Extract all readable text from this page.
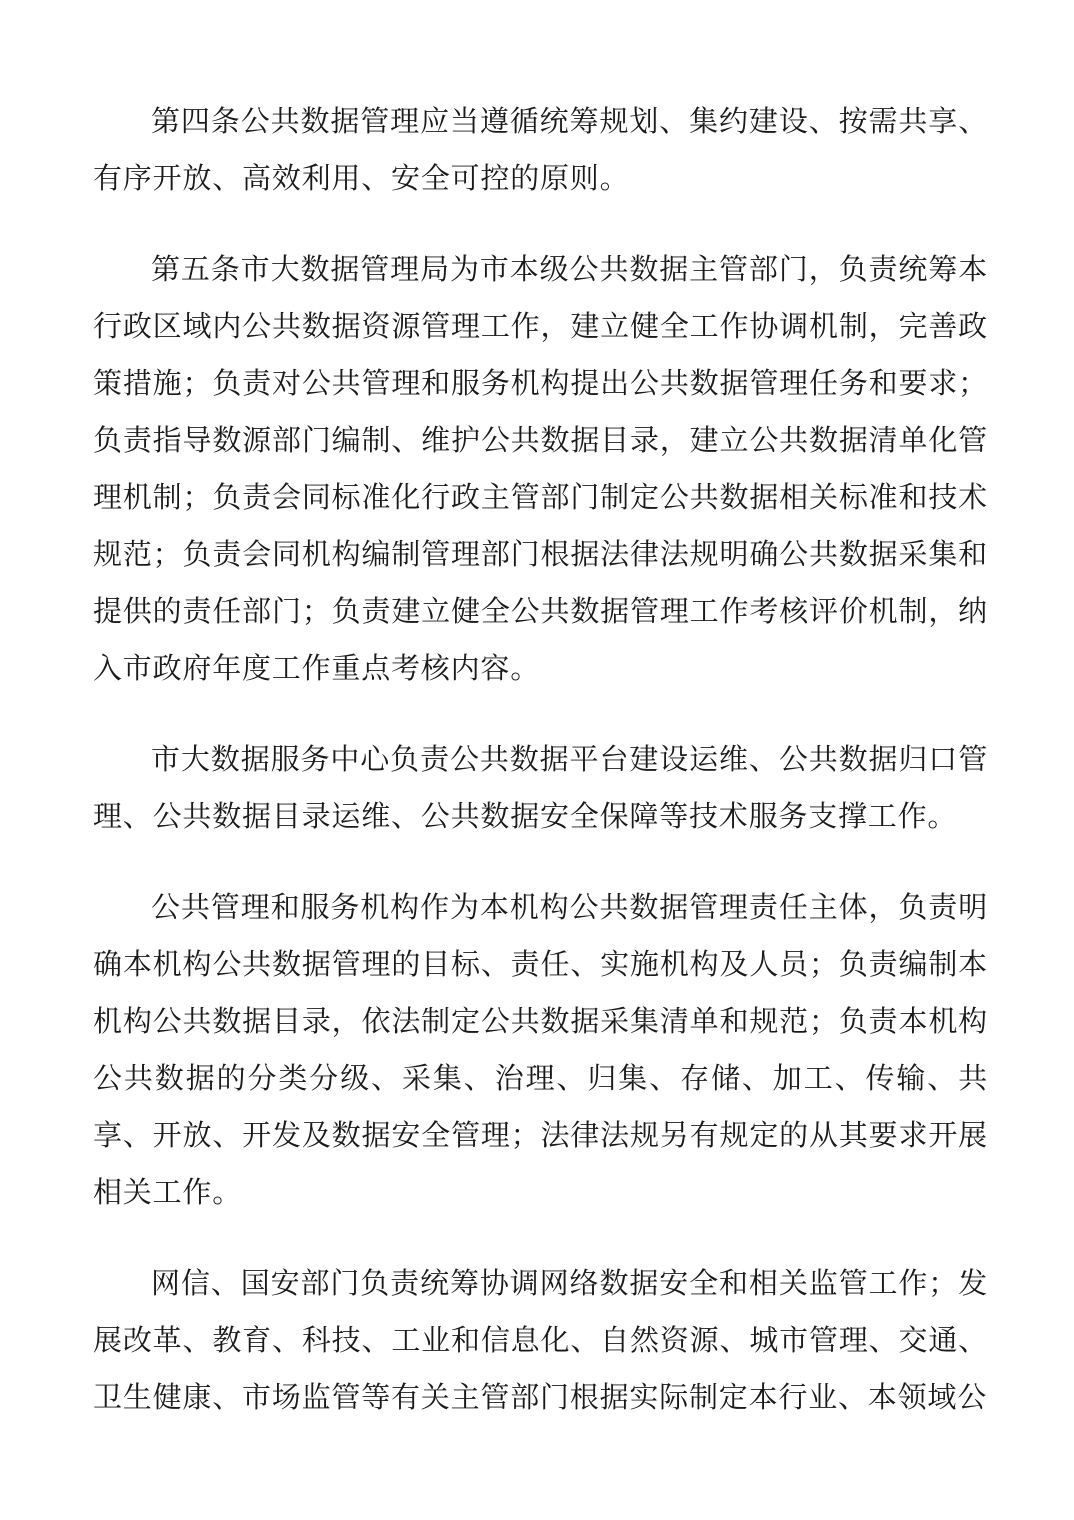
第四条公共数据管理应当遵循统筹规划、集约建设、按需共享、有序开放、高效利用、安全可控的原则。

第五条市大数据管理局为市本级公共数据主管部门，负责统筹本行政区域内公共数据资源管理工作，建立健全工作协调机制，完善政策措施；负责对公共管理和服务机构提出公共数据管理任务和要求；负责指导数源部门编制、维护公共数据目录，建立公共数据清单化管理机制；负责会同标准化行政主管部门制定公共数据相关标准和技术规范；负责会同机构编制管理部门根据法律法规明确公共数据采集和提供的责任部门；负责建立健全公共数据管理工作考核评价机制，纳入市政府年度工作重点考核内容。

市大数据服务中心负责公共数据平台建设运维、公共数据归口管理、公共数据目录运维、公共数据安全保障等技术服务支撑工作。

公共管理和服务机构作为本机构公共数据管理责任主体，负责明确本机构公共数据管理的目标、责任、实施机构及人员；负责编制本机构公共数据目录，依法制定公共数据采集清单和规范；负责本机构公共数据的分类分级、采集、治理、归集、存储、加工、传输、共享、开放、开发及数据安全管理；法律法规另有规定的从其要求开展相关工作。

网信、国安部门负责统筹协调网络数据安全和相关监管工作；发展改革、教育、科技、工业和信息化、自然资源、城市管理、交通、卫生健康、市场监管等有关主管部门根据实际制定本行业、本领域公
